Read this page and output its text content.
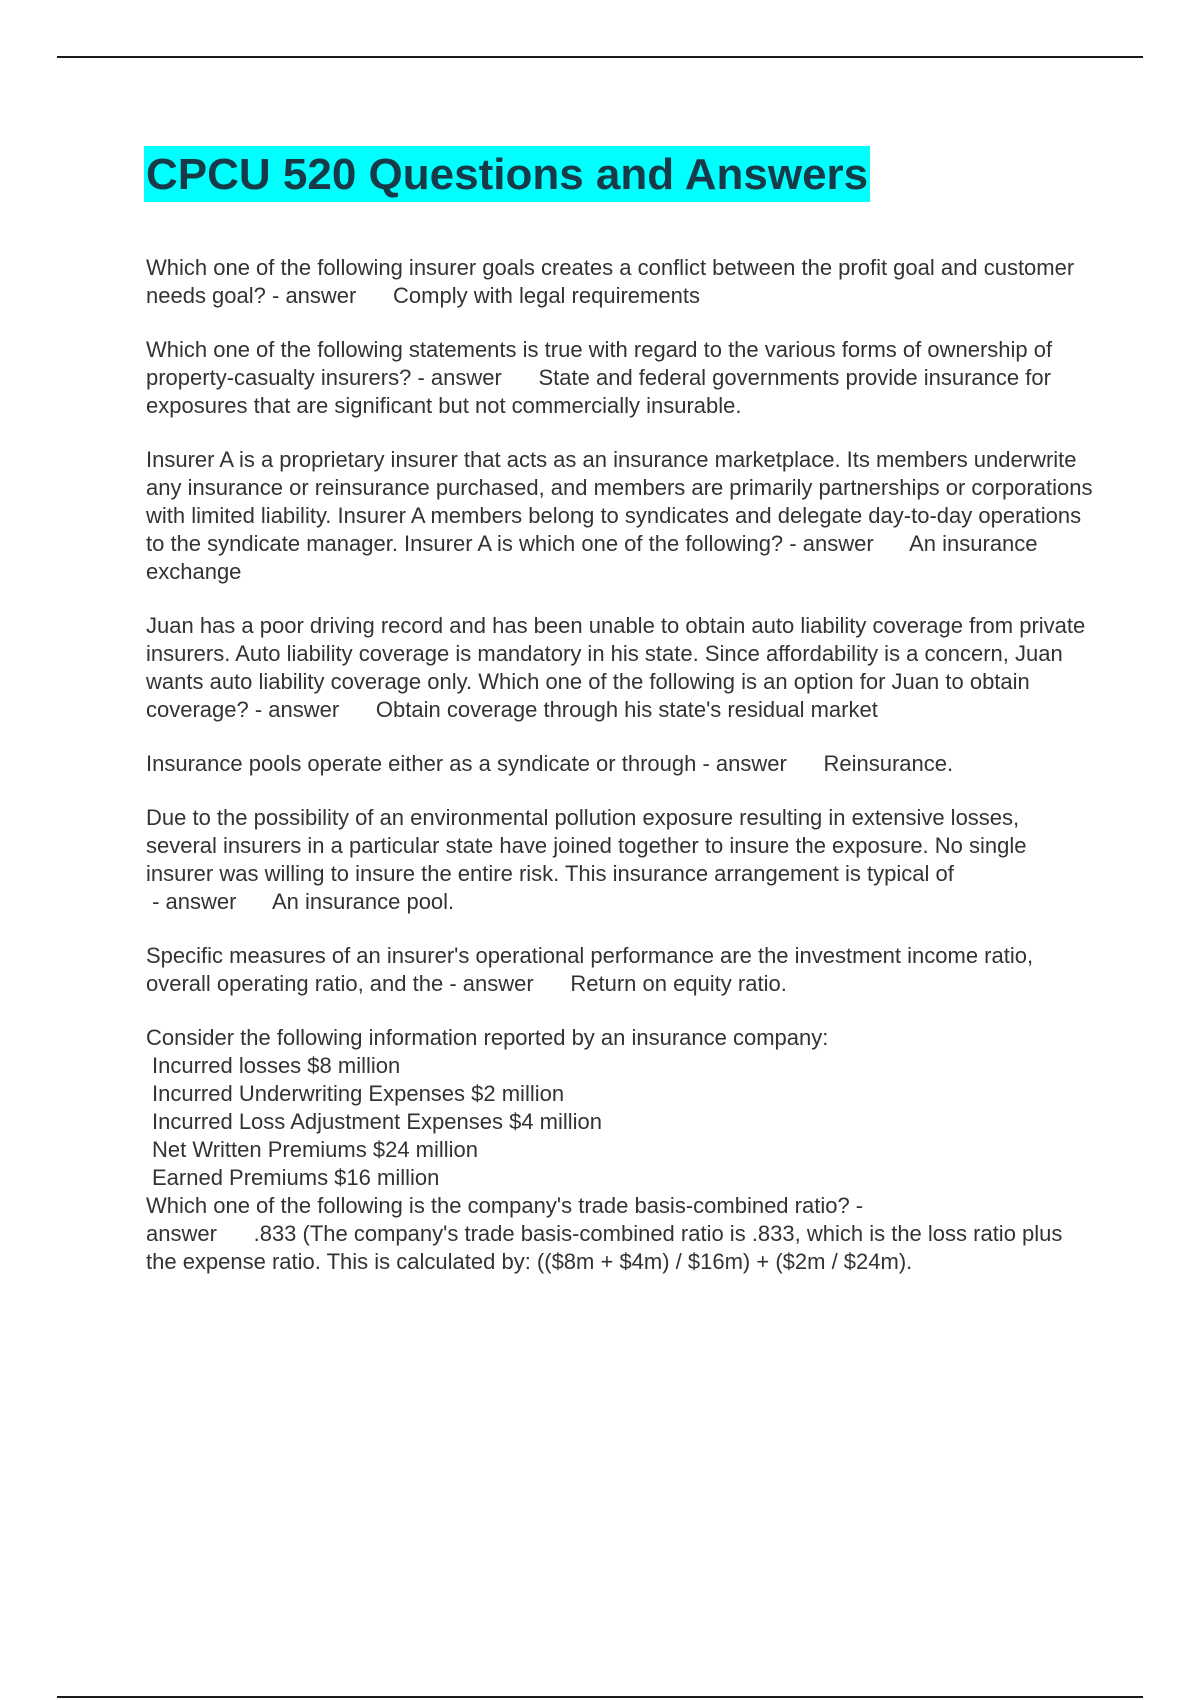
CPCU 520 Questions and Answers

Which one of the following insurer goals creates a conflict between the profit goal and customer needs goal? - answer      Comply with legal requirements

Which one of the following statements is true with regard to the various forms of ownership of property-casualty insurers? - answer      State and federal governments provide insurance for exposures that are significant but not commercially insurable.

Insurer A is a proprietary insurer that acts as an insurance marketplace. Its members underwrite any insurance or reinsurance purchased, and members are primarily partnerships or corporations with limited liability. Insurer A members belong to syndicates and delegate day-to-day operations to the syndicate manager. Insurer A is which one of the following? - answer      An insurance exchange

Juan has a poor driving record and has been unable to obtain auto liability coverage from private insurers. Auto liability coverage is mandatory in his state. Since affordability is a concern, Juan wants auto liability coverage only. Which one of the following is an option for Juan to obtain coverage? - answer      Obtain coverage through his state's residual market

Insurance pools operate either as a syndicate or through - answer      Reinsurance.

Due to the possibility of an environmental pollution exposure resulting in extensive losses, several insurers in a particular state have joined together to insure the exposure. No single insurer was willing to insure the entire risk. This insurance arrangement is typical of - answer      An insurance pool.

Specific measures of an insurer's operational performance are the investment income ratio, overall operating ratio, and the - answer      Return on equity ratio.

Consider the following information reported by an insurance company:
Incurred losses $8 million
Incurred Underwriting Expenses $2 million
Incurred Loss Adjustment Expenses $4 million
Net Written Premiums $24 million
Earned Premiums $16 million
Which one of the following is the company's trade basis-combined ratio? -
answer      .833 (The company's trade basis-combined ratio is .833, which is the loss ratio plus the expense ratio. This is calculated by: (($8m + $4m) / $16m) + ($2m / $24m).
